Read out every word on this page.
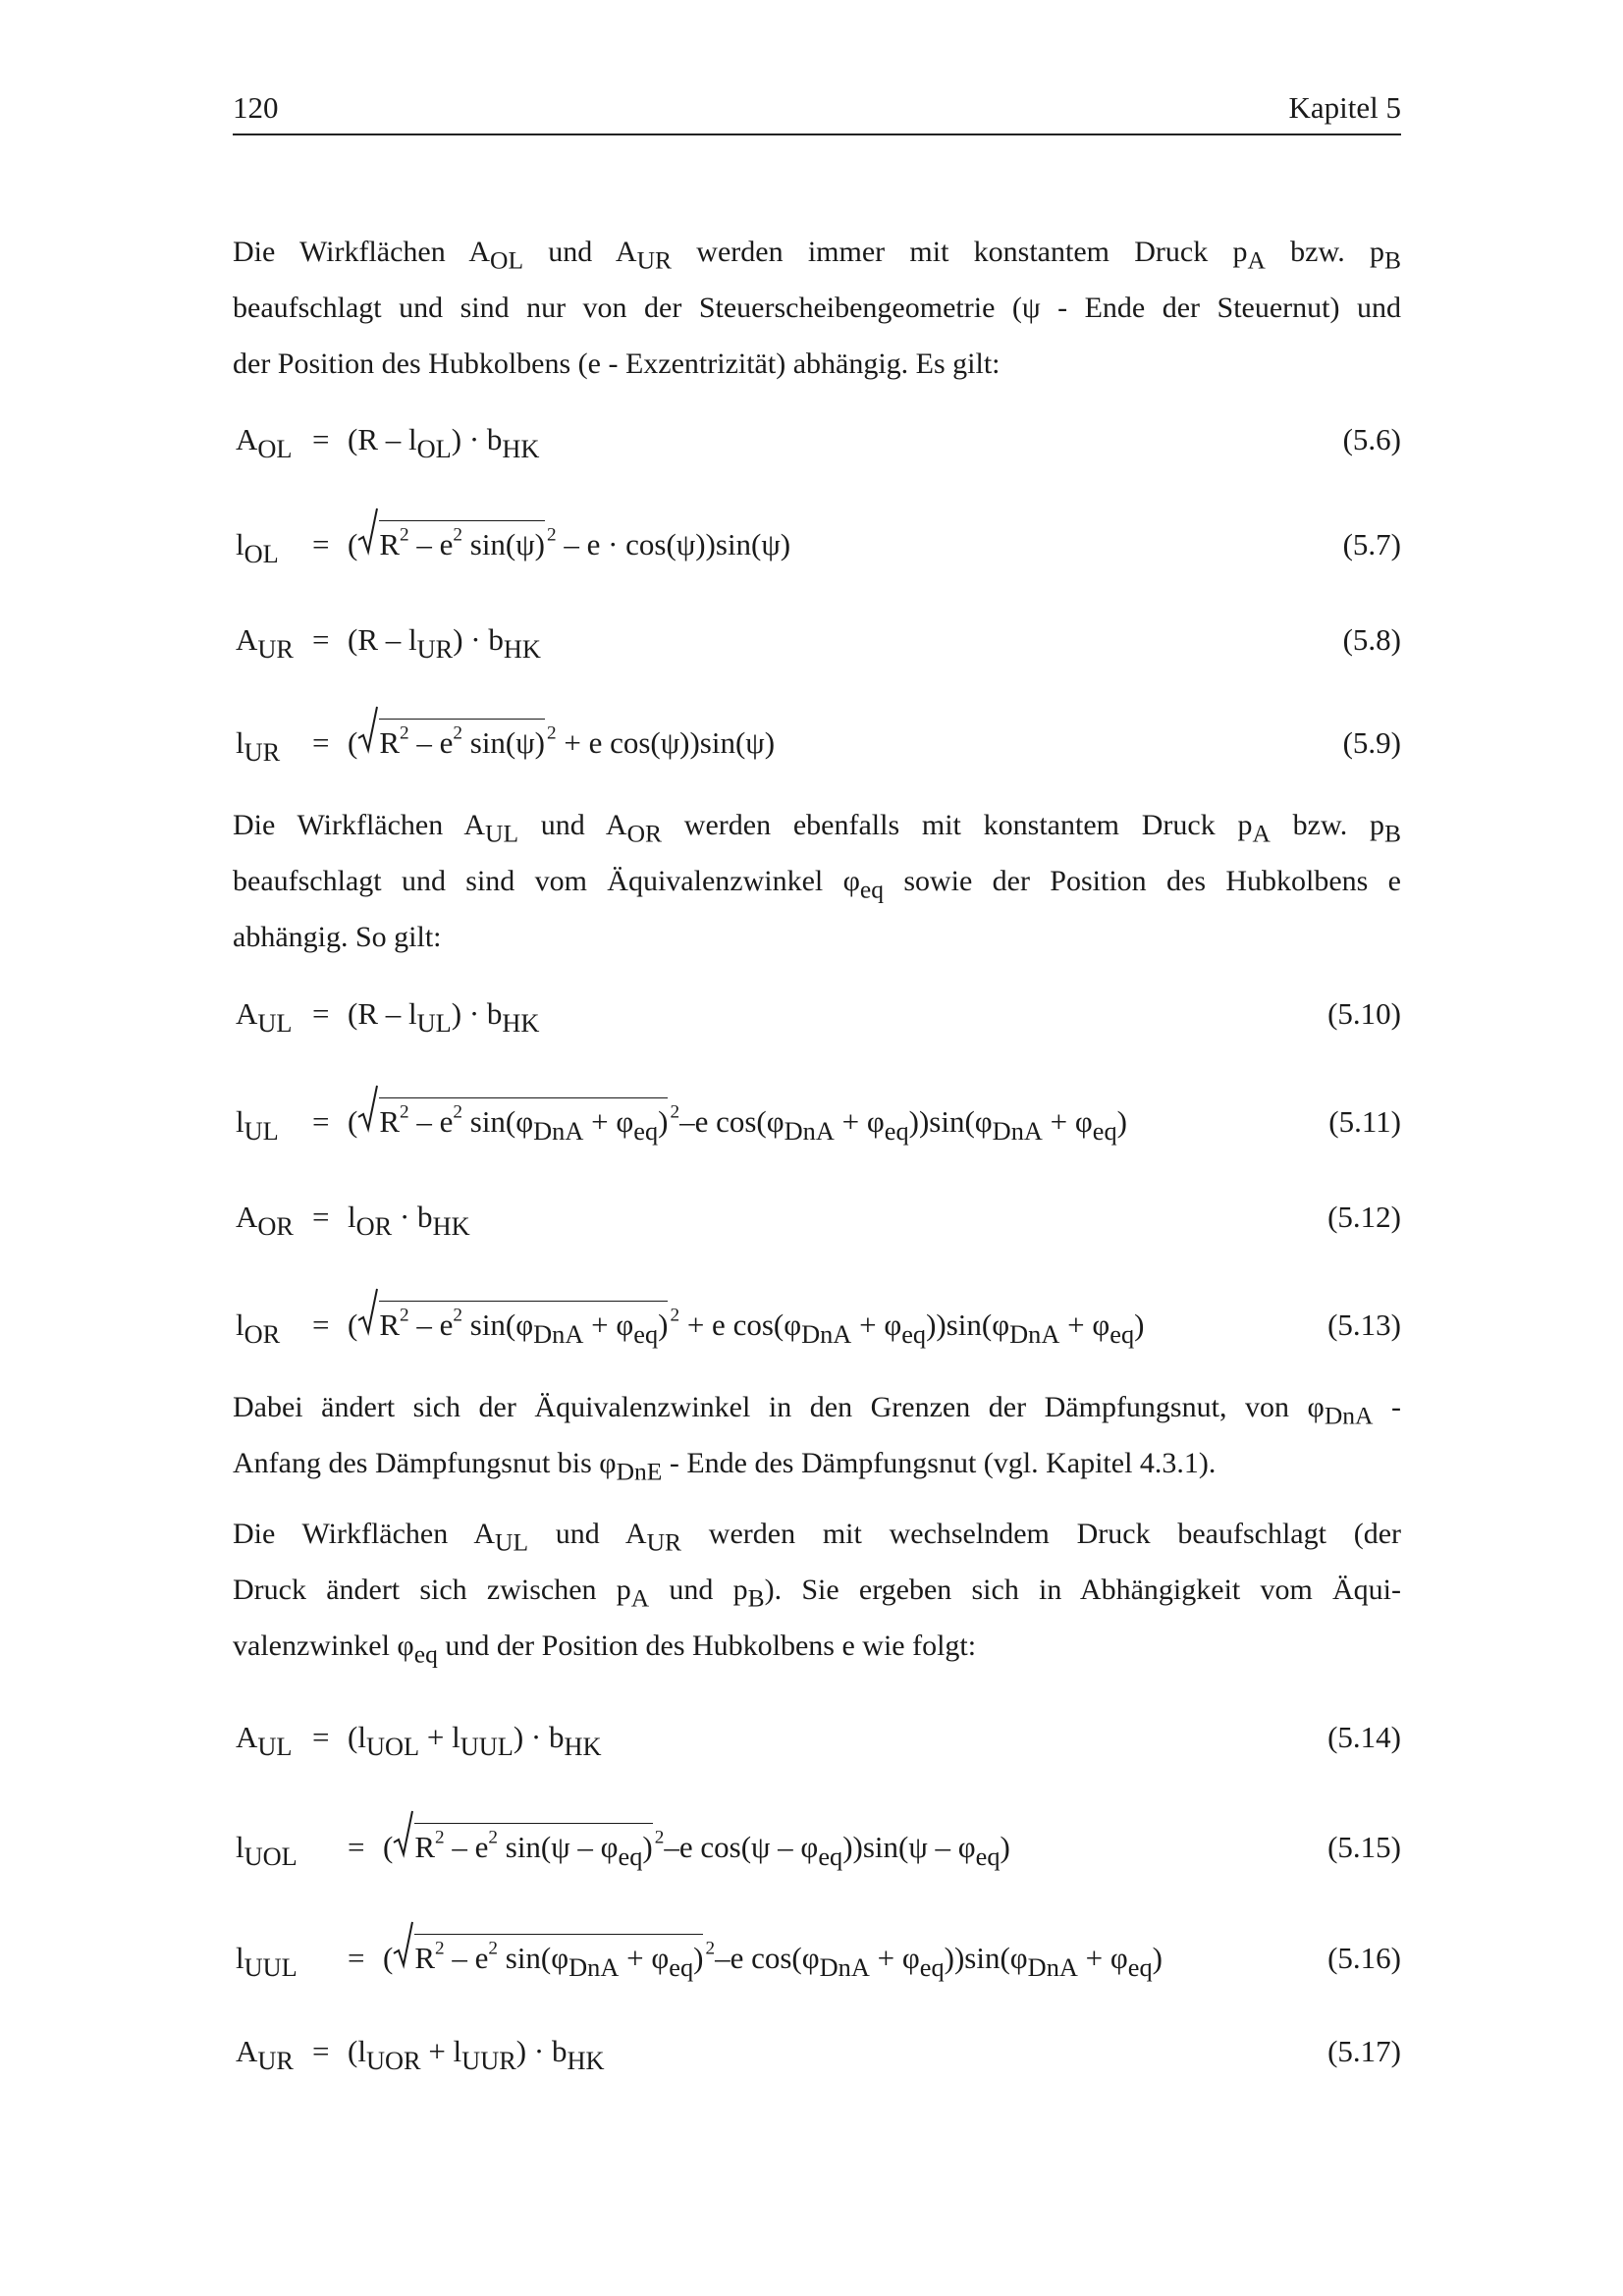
120	Kapitel 5
Die Wirkflächen $A_{OL}$ und $A_{UR}$ werden immer mit konstantem Druck $p_A$ bzw. $p_B$
beaufschlagt und sind nur von der Steuerscheibengeometrie (ψ - Ende der Steuernut) und
der Position des Hubkolbens (e - Exzentrizität) abhängig. Es gilt:
$A_{OL} = (R - l_{OL}) \cdot b_{HK}$	(5.6)
$l_{OL}$ = ( $R^2 - e^2$ sin(ψ) $^2$ – e · cos(ψ))sin(ψ)	(5.7)
$A_{UR} = (R - l_{UR}) \cdot b_{HK}$	(5.8)
$l_{UR}$ = ( $R^2 - e^2$ sin(ψ) $^2$ + e cos(ψ))sin(ψ)	(5.9)
Die Wirkflächen $A_{UL}$ und $A_{OR}$ werden ebenfalls mit konstantem Druck $p_A$ bzw. $p_B$
beaufschlagt und sind vom Äquivalenzwinkel $\varphi_{eq}$ sowie der Position des Hubkolbens e
abhängig. So gilt:
$A_{UL} = (R - l_{UL}) \cdot b_{HK}$	(5.10)
$l_{UL}$ = ( $R^2 - e^2$ $\sin(\varphi_{DnA} + \varphi_{eq})$ $^2$–e $\cos(\varphi_{DnA} + \varphi_{eq}))\sin(\varphi_{DnA} + \varphi_{eq})$	(5.11)
$A_{OR} = l_{OR} \cdot b_{HK}$	(5.12)
$l_{OR}$ = ( $R^2 - e^2$ $\sin(\varphi_{DnA} + \varphi_{eq}) ^2 + e$ $\cos(\varphi_{DnA} + \varphi_{eq}))\sin(\varphi_{DnA} + \varphi_{eq})$	(5.13)
Dabei ändert sich der Äquivalenzwinkel in den Grenzen der Dämpfungsnut, von $\varphi_{DnA}$ -
Anfang des Dämpfungsnut bis $\varphi_{DnE}$ - Ende des Dämpfungsnut (vgl. Kapitel 4.3.1).
Die Wirkflächen $A_{UL}$ und $A_{UR}$ werden mit wechselndem Druck beaufschlagt (der
Druck ändert sich zwischen $p_A$ und $p_B$). Sie ergeben sich in Abhängigkeit vom Äqui-
valenzwinkel $\varphi_{eq}$ und der Position des Hubkolbens e wie folgt:
$A_{UL} = (l_{UOL} + l_{UUL}) \cdot b_{HK}$	(5.14)
$l_{UOL}$ = ( $R^2 - e^2$ $\sin(\psi - \varphi_{eq})$ $^2$–e $\cos(\psi - \varphi_{eq}))\sin(\psi - \varphi_{eq})$	(5.15)
$l_{UUL}$ = ( $R^2 - e^2$ $\sin(\varphi_{DnA} + \varphi_{eq})$ $^2$–e $\cos(\varphi_{DnA} + \varphi_{eq}))\sin(\varphi_{DnA} + \varphi_{eq})$	(5.16)
$A_{UR} = (l_{UOR} + l_{UUR}) \cdot b_{HK}$	(5.17)
